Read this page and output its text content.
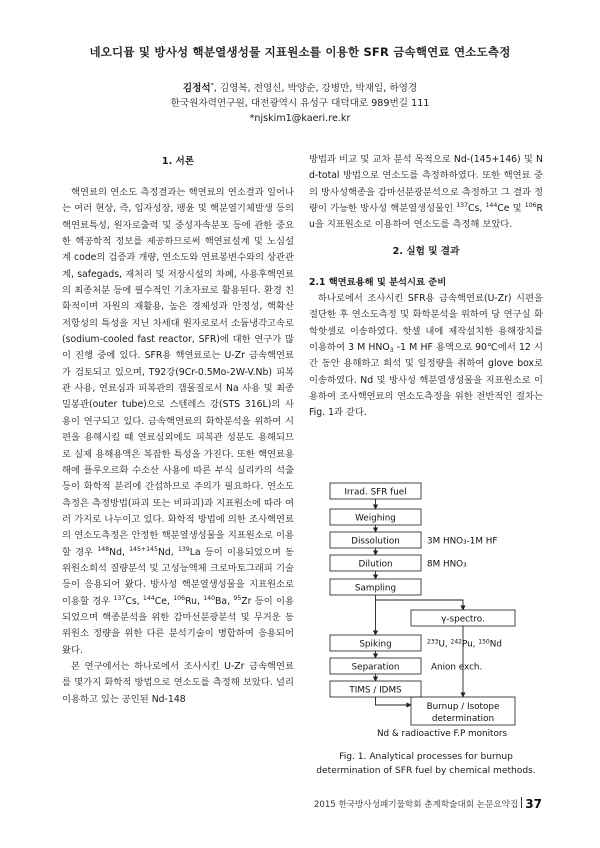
네오디뮴 및 방사성 핵분열생성물 지표원소를 이용한 SFR 금속핵연료 연소도측정
김정석*, 김영복, 전영신, 박양순, 강병만, 박재일, 하영경
한국원자력연구원, 대전광역시 유성구 대덕대로 989번길 111
*njskim1@kaeri.re.kr
1. 서론

핵연료의 연소도 측정결과는 핵연료의 연소결과 일어나는 여러 현상, 즉, 입자성장, 팽윤 및 핵분열기체발생 등의 핵연료특성, 원자로출력 및 중성자속분포 등에 관한 중요한 핵공학적 정보를 제공하므로써 핵연료설계 및 노심설계 code의 검증과 개량, 연소도와 연료봉변수와의 상관관계, safegads, 재처리 및 저장시설의 차폐, 사용후핵연료의 최종처분 등에 필수적인 기초자료로 활용된다. 환경 친화적이며 자원의 재활용, 높은 경제성과 안정성, 핵확산 저항성의 특성을 지닌 차세대 원자로로서 소듐냉각고속로(sodium-cooled fast reactor, SFR)에 대한 연구가 많이 진행 중에 있다. SFR용 핵연료로는 U-Zr 금속핵연료가 검토되고 있으며, T92강(9Cr-0.5Mo-2W-V.Nb) 피복관 사용, 연료심과 피복관의 갭물질로서 Na 사용 및 최종 밀봉관(outer tube)으로 스텐레스 강(STS 316L)의 사용이 연구되고 있다. 금속핵연료의 화학분석을 위하여 시편을 용해시킬 때 연료심외에도 피복관 성분도 용해되므로 실제 용해용액은 복잡한 특성을 가진다. 또한 핵연료용해에 플루오르화 수소산 사용에 따른 부식 실리카의 석출 등이 화학적 분리에 간섭하므로 주의가 필요하다. 연소도측정은 측정방법(파괴 또는 비파괴)과 지표원소에 따라 여러 가지로 나누이고 있다. 화학적 방법에 의한 조사핵연료의 연소도측정은 안정한 핵분열생성물을 지표원소로 이용할 경우 $^{148}$Nd, $^{145+145}$Nd, $^{139}$La 등이 이용되었으며 동위원소희석 질량분석 및 고성능액체 크로마토그래피 기술 등이 응용되어 왔다. 방사성 핵분열생성물을 지표원소로 이용할 경우 $^{137}$Cs, $^{144}$Ce, $^{106}$Ru, $^{140}$Ba, $^{95}$Zr 등이 이용되었으며 핵종분석을 위한 감마선분광분석 및 무거운 동위원소 정량을 위한 다른 분석기술이 병합하여 응용되어 왔다.

본 연구에서는 하나로에서 조사시킨 U-Zr 금속핵연료를 몇가지 화학적 방법으로 연소도를 측정해 보았다. 널리 이용하고 있는 공인된 Nd-148

방법과 비교 및 교차 분석 목적으로 Nd-(145+146) 및 Nd-total 방법으로 연소도를 측정하하였다. 또한 핵연료 중의 방사성핵종을 감마선분광분석으로 측정하고 그 결과 정량이 가능한 방사성 핵분열생성물인 $^{137}$Cs, $^{144}$Ce 및 $^{106}$Ru을 지표원소로 이용하여 연소도를 측정해 보았다.

2. 실험 및 결과
2.1 핵연료용해 및 분석시료 준비

하나로에서 조사시킨 SFR용 금속핵연료(U-Zr) 시편을 절단한 후 연소도측정 및 화학분석을 위하여 당 연구실 화학핫셀로 이송하였다. 핫셀 내에 제작설치한 용해장치를 이용하여 3 M $HNO_3$ -1 M HF 용액으로 90℃에서 12 시간 동안 용해하고 희석 및 일정량을 취하여 glove box로 이송하였다. Nd 및 방사성 핵분열생성물을 지표원소로 이용하여 조사핵연료의 연소도측정을 위한 전반적인 절차는 Fig. 1과 같다.

Irrad. SFR fuel
Weighing
Dissolution	3M HNO₃-1M HF
Dilution	8M HNO₃
Sampling
γ-spectro.
Spiking	$^{233}$U, $^{242}$Pu, $^{150}$Nd
Separation	Anion exch.
TIMS / IDMS
Burnup / Isotope
determination
Nd & radioactive F.P monitors
Fig. 1. Analytical processes for burnup determination of SFR fuel by chemical methods.
2015 한국방사성폐기물학회 춘계학술대회 논문요약집 37
